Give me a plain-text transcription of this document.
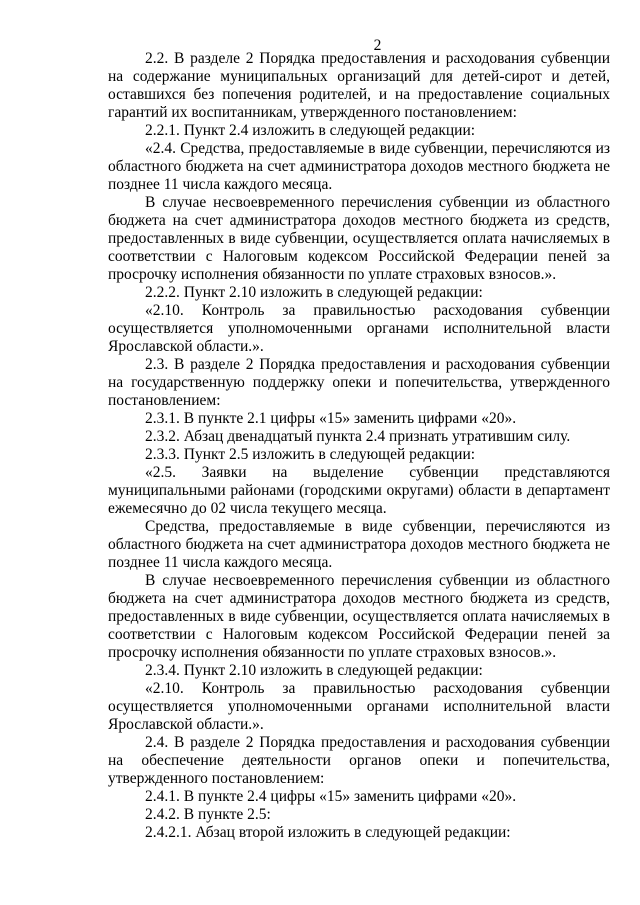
2

2.2. В разделе 2 Порядка предоставления и расходования субвенции на содержание муниципальных организаций для детей-сирот и детей, оставшихся без попечения родителей, и на предоставление социальных гарантий их воспитанникам, утвержденного постановлением:

2.2.1. Пункт 2.4 изложить в следующей редакции:

«2.4. Средства, предоставляемые в виде субвенции, перечисляются из областного бюджета на счет администратора доходов местного бюджета не позднее 11 числа каждого месяца.

В случае несвоевременного перечисления субвенции из областного бюджета на счет администратора доходов местного бюджета из средств, предоставленных в виде субвенции, осуществляется оплата начисляемых в соответствии с Налоговым кодексом Российской Федерации пеней за просрочку исполнения обязанности по уплате страховых взносов.».

2.2.2. Пункт 2.10 изложить в следующей редакции:

«2.10. Контроль за правильностью расходования субвенции осуществляется уполномоченными органами исполнительной власти Ярославской области.».

2.3. В разделе 2 Порядка предоставления и расходования субвенции на государственную поддержку опеки и попечительства, утвержденного постановлением:

2.3.1. В пункте 2.1 цифры «15» заменить цифрами «20».

2.3.2. Абзац двенадцатый пункта 2.4 признать утратившим силу.

2.3.3. Пункт 2.5 изложить в следующей редакции:

«2.5. Заявки на выделение субвенции представляются муниципальными районами (городскими округами) области в департамент ежемесячно до 02 числа текущего месяца.

Средства, предоставляемые в виде субвенции, перечисляются из областного бюджета на счет администратора доходов местного бюджета не позднее 11 числа каждого месяца.

В случае несвоевременного перечисления субвенции из областного бюджета на счет администратора доходов местного бюджета из средств, предоставленных в виде субвенции, осуществляется оплата начисляемых в соответствии с Налоговым кодексом Российской Федерации пеней за просрочку исполнения обязанности по уплате страховых взносов.».

2.3.4. Пункт 2.10 изложить в следующей редакции:

«2.10. Контроль за правильностью расходования субвенции осуществляется уполномоченными органами исполнительной власти Ярославской области.».

2.4. В разделе 2 Порядка предоставления и расходования субвенции на обеспечение деятельности органов опеки и попечительства, утвержденного постановлением:

2.4.1. В пункте 2.4 цифры «15» заменить цифрами «20».

2.4.2. В пункте 2.5:

2.4.2.1. Абзац второй изложить в следующей редакции:
